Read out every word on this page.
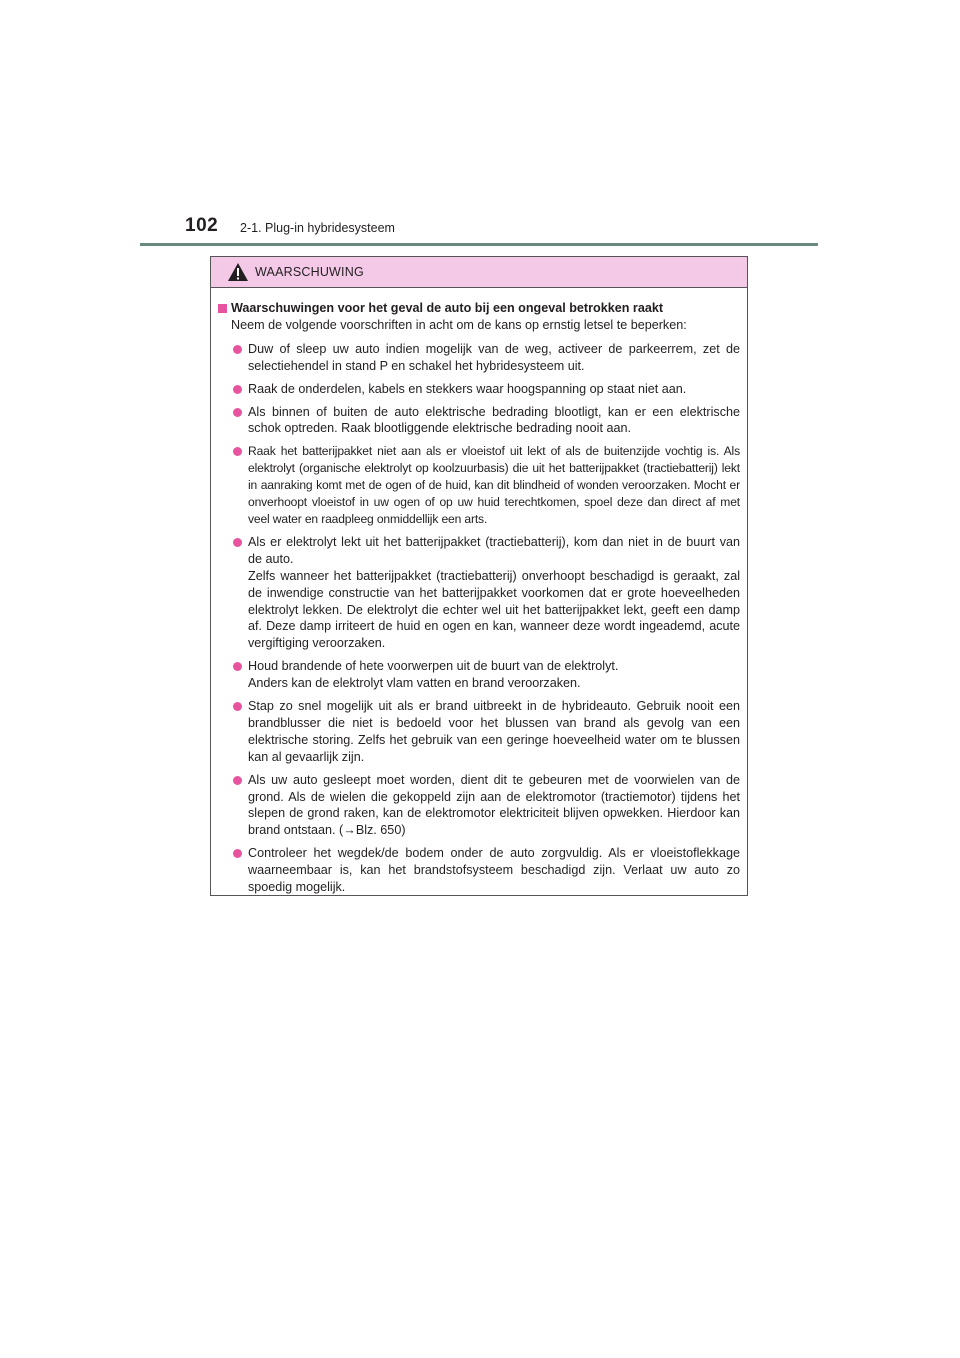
102 2-1. Plug-in hybridesysteem
WAARSCHUWING
Waarschuwingen voor het geval de auto bij een ongeval betrokken raakt
Neem de volgende voorschriften in acht om de kans op ernstig letsel te beperken:
Duw of sleep uw auto indien mogelijk van de weg, activeer de parkeerrem, zet de selectiehendel in stand P en schakel het hybridesysteem uit.
Raak de onderdelen, kabels en stekkers waar hoogspanning op staat niet aan.
Als binnen of buiten de auto elektrische bedrading blootligt, kan er een elektrische schok optreden. Raak blootliggende elektrische bedrading nooit aan.
Raak het batterijpakket niet aan als er vloeistof uit lekt of als de buitenzijde vochtig is. Als elektrolyt (organische elektrolyt op koolzuurbasis) die uit het batterijpakket (tractiebatterij) lekt in aanraking komt met de ogen of de huid, kan dit blindheid of wonden veroorzaken. Mocht er onverhoopt vloeistof in uw ogen of op uw huid terechtkomen, spoel deze dan direct af met veel water en raadpleeg onmiddellijk een arts.
Als er elektrolyt lekt uit het batterijpakket (tractiebatterij), kom dan niet in de buurt van de auto.
Zelfs wanneer het batterijpakket (tractiebatterij) onverhoopt beschadigd is geraakt, zal de inwendige constructie van het batterijpakket voorkomen dat er grote hoeveelheden elektrolyt lekken. De elektrolyt die echter wel uit het batterijpakket lekt, geeft een damp af. Deze damp irriteert de huid en ogen en kan, wanneer deze wordt ingeademd, acute vergiftiging veroorzaken.
Houd brandende of hete voorwerpen uit de buurt van de elektrolyt.
Anders kan de elektrolyt vlam vatten en brand veroorzaken.
Stap zo snel mogelijk uit als er brand uitbreekt in de hybrideauto. Gebruik nooit een brandblusser die niet is bedoeld voor het blussen van brand als gevolg van een elektrische storing. Zelfs het gebruik van een geringe hoeveelheid water om te blussen kan al gevaarlijk zijn.
Als uw auto gesleept moet worden, dient dit te gebeuren met de voorwielen van de grond. Als de wielen die gekoppeld zijn aan de elektromotor (tractiemotor) tijdens het slepen de grond raken, kan de elektromotor elektriciteit blijven opwekken. Hierdoor kan brand ontstaan. (→Blz. 650)
Controleer het wegdek/de bodem onder de auto zorgvuldig. Als er vloeistoflekkage waarneembaar is, kan het brandstofsysteem beschadigd zijn. Verlaat uw auto zo spoedig mogelijk.
